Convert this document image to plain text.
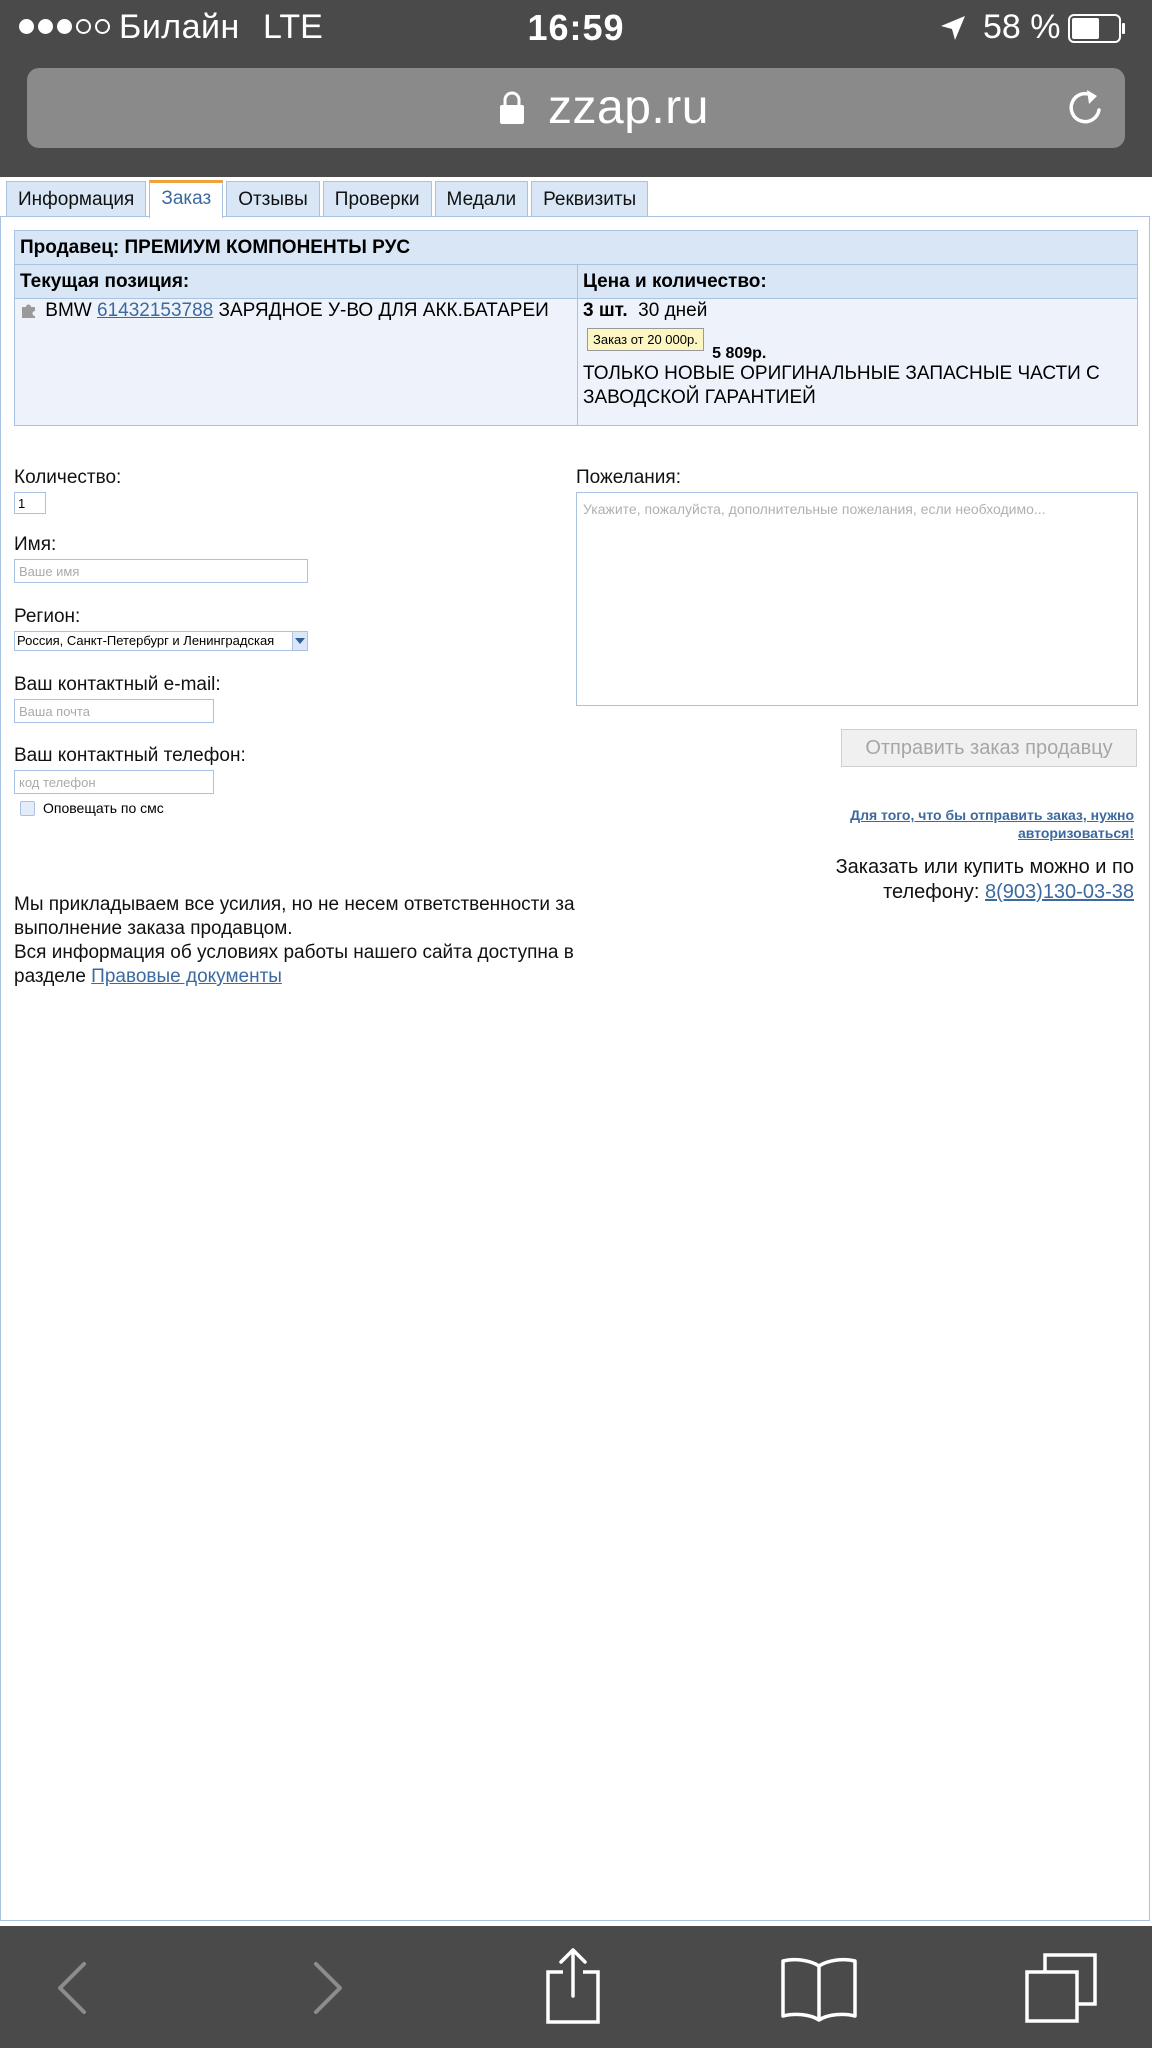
Билайн LTE	16:59	58 %
zzap.ru
Информация	Заказ	Отзывы	Проверки	Медали	Реквизиты
Продавец: ПРЕМИУМ КОМПОНЕНТЫ РУС	
Текущая позиция:	Цена и количество:
BMW 61432153788 ЗАРЯДНОЕ У-ВО ДЛЯ АКК.БАТАРЕИ	3 шт. 30 дней
Заказ от 20 000р. 5 809р.
ТОЛЬКО НОВЫЕ ОРИГИНАЛЬНЫЕ ЗАПАСНЫЕ ЧАСТИ С ЗАВОДСКОЙ ГАРАНТИЕЙ
Количество:
1
Имя:
Ваше имя
Регион:
Россия, Санкт-Петербург и Ленинградская
Ваш контактный e-mail:
Ваша почта
Ваш контактный телефон:
код телефон
Оповещать по смс
Мы прикладываем все усилия, но не несем ответственности за выполнение заказа продавцом.
Вся информация об условиях работы нашего сайта доступна в разделе Правовые документы
Пожелания:
Укажите, пожалуйста, дополнительные пожелания, если необходимо...
Отправить заказ продавцу
Для того, что бы отправить заказ, нужно авторизоваться!
Заказать или купить можно и по телефону: 8(903)130-03-38
